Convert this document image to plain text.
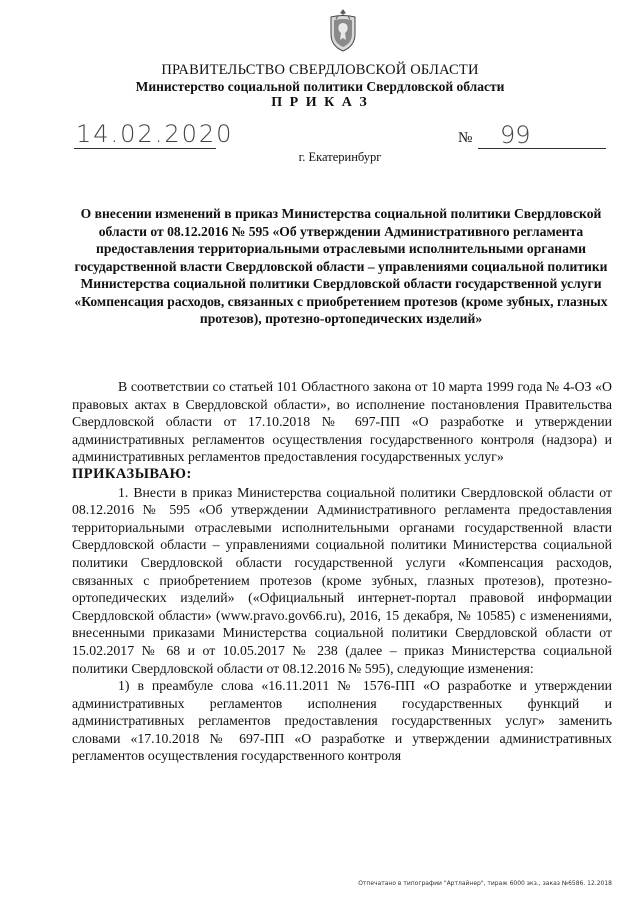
ПРАВИТЕЛЬСТВО СВЕРДЛОВСКОЙ ОБЛАСТИ
Министерство социальной политики Свердловской области
П Р И К А З
14.02.2020	№ 99
г. Екатеринбург
О внесении изменений в приказ Министерства социальной политики Свердловской области от 08.12.2016 № 595 «Об утверждении Административного регламента предоставления территориальными отраслевыми исполнительными органами государственной власти Свердловской области – управлениями социальной политики Министерства социальной политики Свердловской области государственной услуги «Компенсация расходов, связанных с приобретением протезов (кроме зубных, глазных протезов), протезно-ортопедических изделий»

В соответствии со статьей 101 Областного закона от 10 марта 1999 года № 4-ОЗ «О правовых актах в Свердловской области», во исполнение постановления Правительства Свердловской области от 17.10.2018 № 697-ПП «О разработке и утверждении административных регламентов осуществления государственного контроля (надзора) и административных регламентов предоставления государственных услуг»

ПРИКАЗЫВАЮ:

1. Внести в приказ Министерства социальной политики Свердловской области от 08.12.2016 № 595 «Об утверждении Административного регламента предоставления территориальными отраслевыми исполнительными органами государственной власти Свердловской области – управлениями социальной политики Министерства социальной политики Свердловской области государственной услуги «Компенсация расходов, связанных с приобретением протезов (кроме зубных, глазных протезов), протезно-ортопедических изделий» («Официальный интернет-портал правовой информации Свердловской области» (www.pravo.gov66.ru), 2016, 15 декабря, № 10585) с изменениями, внесенными приказами Министерства социальной политики Свердловской области от 15.02.2017 № 68 и от 10.05.2017 № 238 (далее – приказ Министерства социальной политики Свердловской области от 08.12.2016 № 595), следующие изменения:

1) в преамбуле слова «16.11.2011 № 1576-ПП «О разработке и утверждении административных регламентов исполнения государственных функций и административных регламентов предоставления государственных услуг» заменить словами «17.10.2018 № 697-ПП «О разработке и утверждении административных регламентов осуществления государственного контроля

Отпечатано в типографии "Артлайнер", тираж 6000 экз., заказ №6586. 12.2018
